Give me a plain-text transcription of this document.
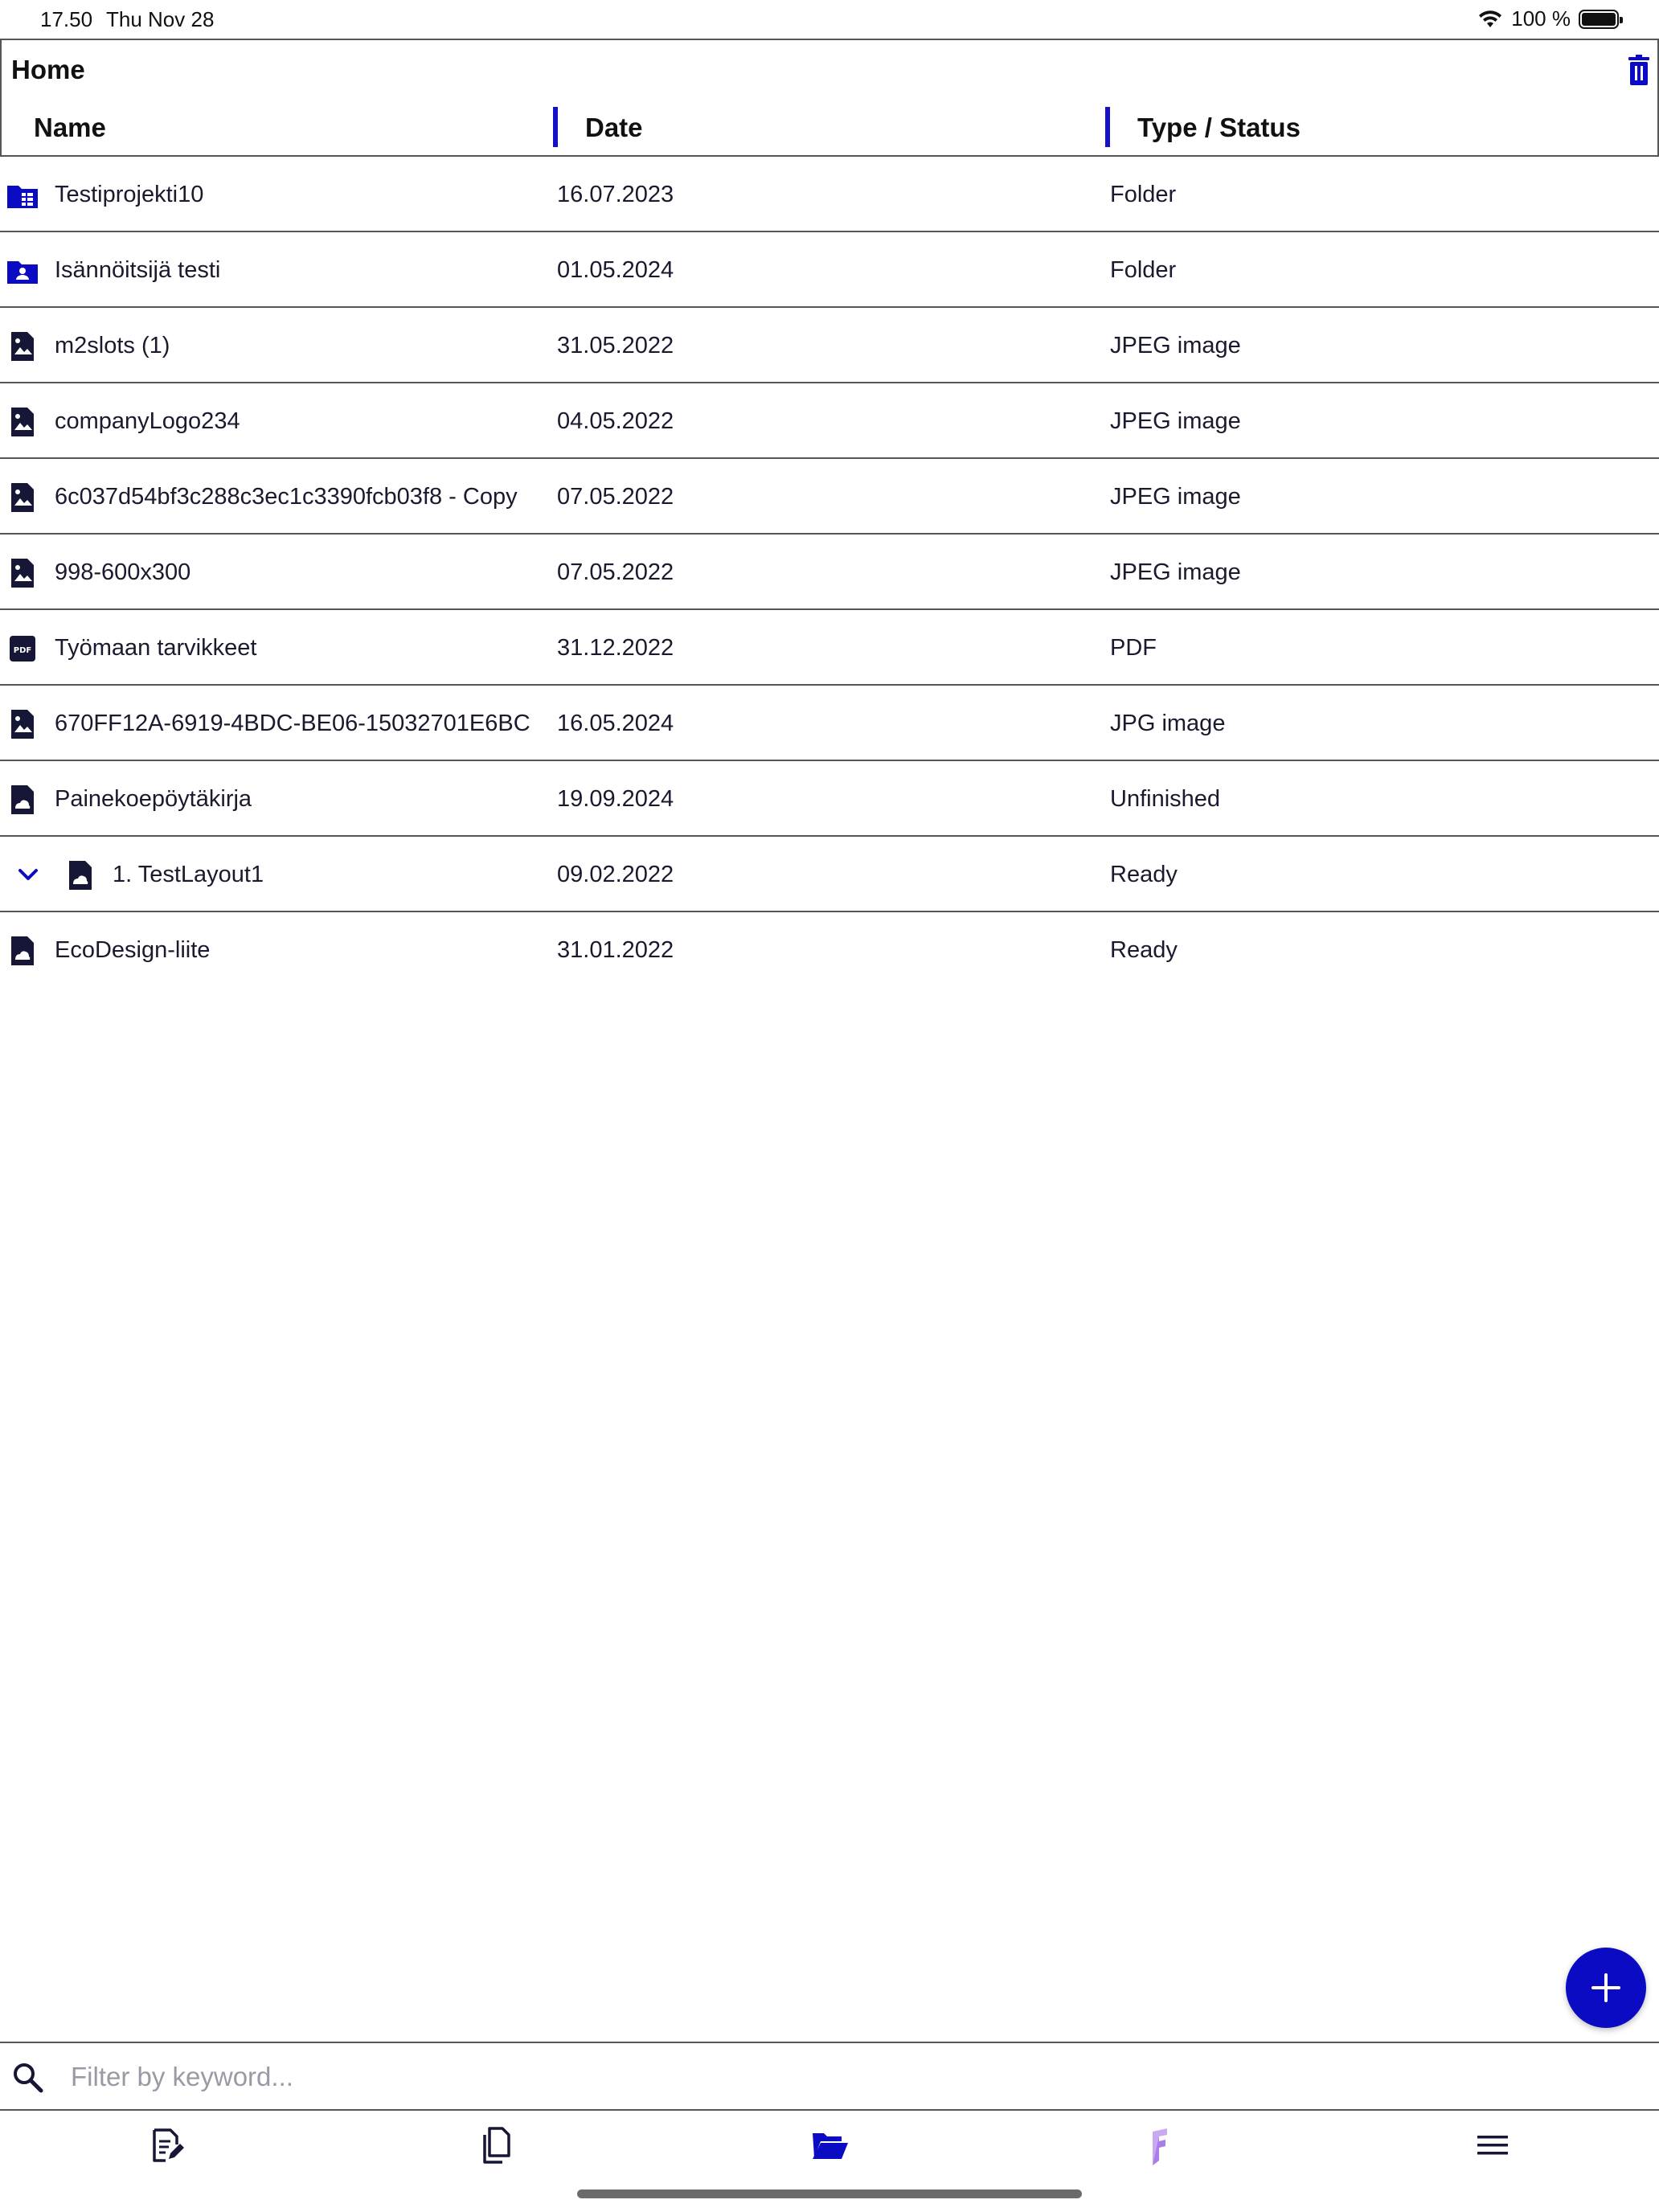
17.50 Thu Nov 28	100 %
Home
Name	Date	Type / Status
Testiprojekti10	16.07.2023	Folder
Isännöitsijä testi	01.05.2024	Folder
m2slots (1)	31.05.2022	JPEG image
companyLogo234	04.05.2022	JPEG image
6c037d54bf3c288c3ec1c3390fcb03f8 - Copy 07.05.2022	JPEG image
998-600x300	07.05.2022	JPEG image
PDF Työmaan tarvikkeet	31.12.2022	PDF
670FF12A-6919-4BDC-BE06-15032701E6BC 16.05.2024	JPG image
Painekoepöytäkirja	19.09.2024	Unfinished
1. TestLayout1	09.02.2022	Ready
EcoDesign-liite	31.01.2022	Ready
Filter by keyword...
